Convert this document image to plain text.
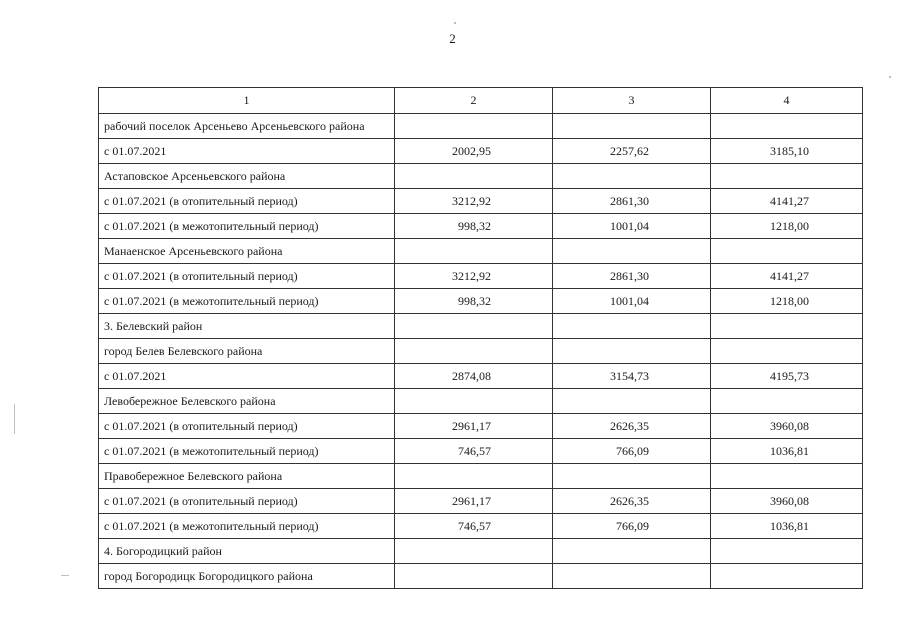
2
1	2	3	4
рабочий поселок Арсеньево Арсеньевского района			
с 01.07.2021	2002,95	2257,62	3185,10
Астаповское Арсеньевского района			
с 01.07.2021 (в отопительный период)	3212,92	2861,30	4141,27
с 01.07.2021 (в межотопительный период)	998,32	1001,04	1218,00
Манаенское Арсеньевского района			
с 01.07.2021 (в отопительный период)	3212,92	2861,30	4141,27
с 01.07.2021 (в межотопительный период)	998,32	1001,04	1218,00
3. Белевский район			
город Белев Белевского района			
с 01.07.2021	2874,08	3154,73	4195,73
Левобережное Белевского района			
с 01.07.2021 (в отопительный период)	2961,17	2626,35	3960,08
с 01.07.2021 (в межотопительный период)	746,57	766,09	1036,81
Правобережное Белевского района			
с 01.07.2021 (в отопительный период)	2961,17	2626,35	3960,08
с 01.07.2021 (в межотопительный период)	746,57	766,09	1036,81
4. Богородицкий район			
город Богородицк Богородицкого района			
